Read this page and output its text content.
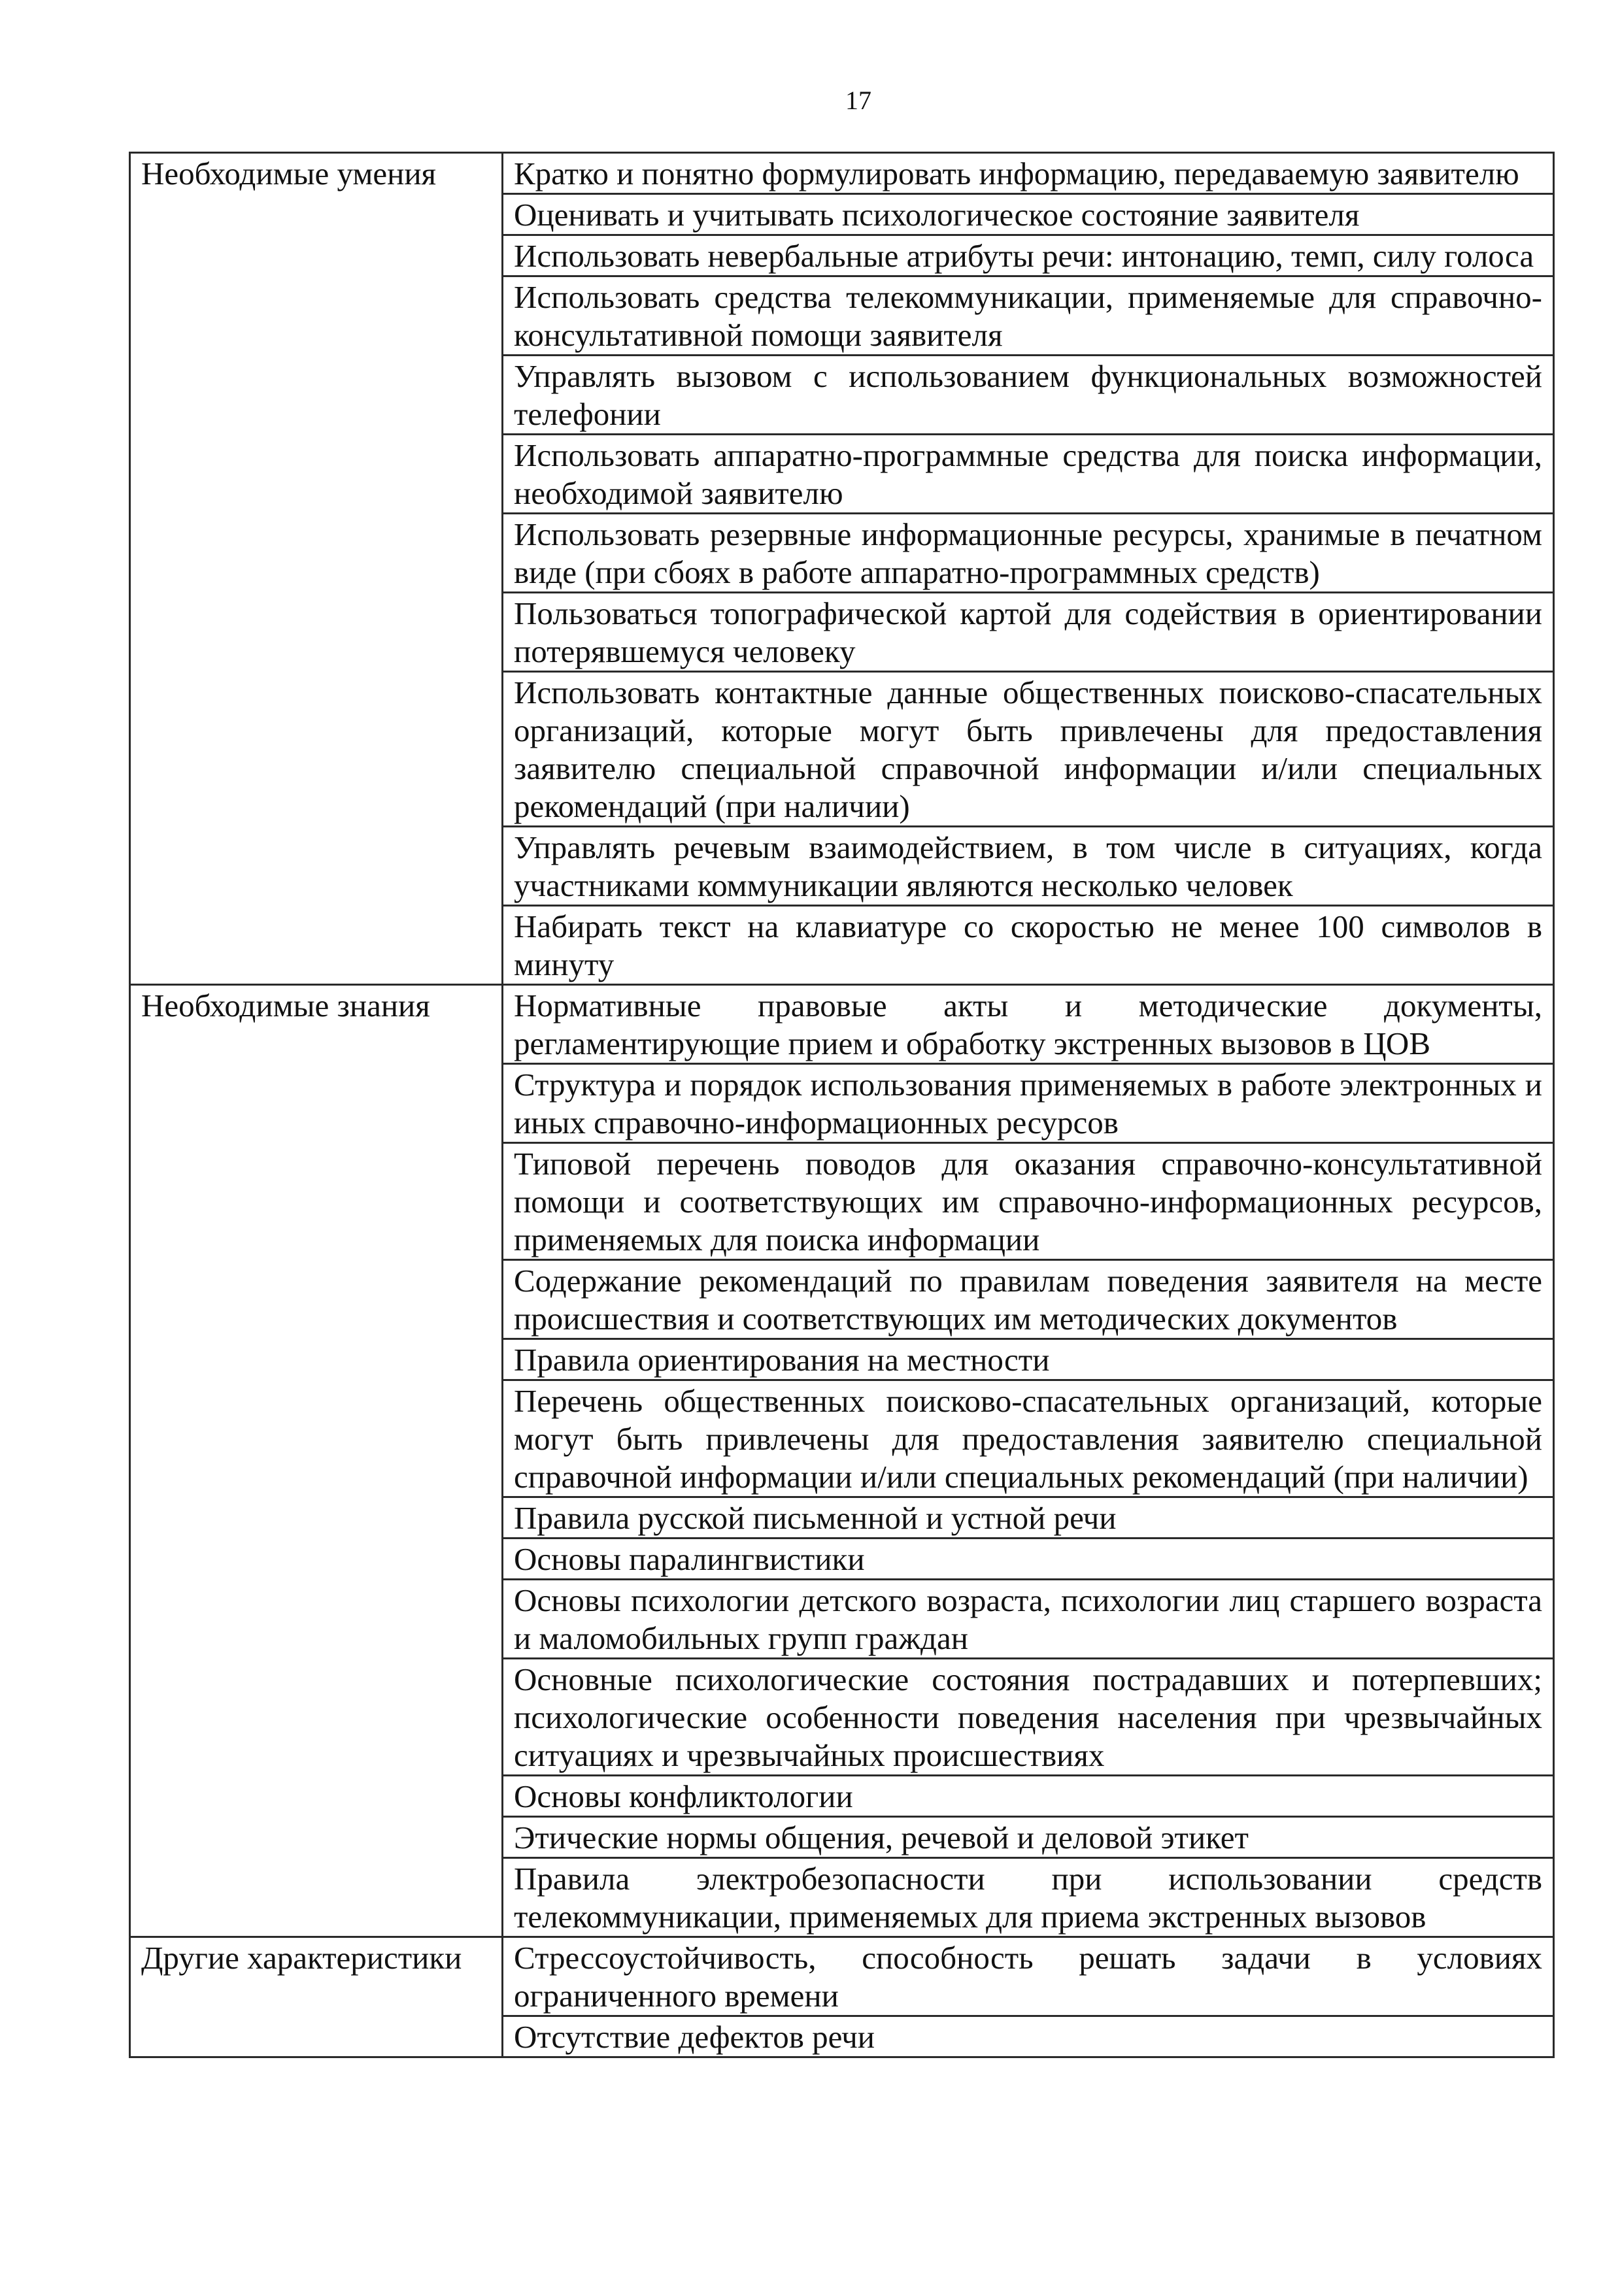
17
Необходимые умения	Кратко и понятно формулировать информацию, передаваемую заявителю
	Оценивать и учитывать психологическое состояние заявителя
	Использовать невербальные атрибуты речи: интонацию, темп, силу голоса
	Использовать средства телекоммуникации, применяемые для справочно-консультативной помощи заявителя
	Управлять вызовом с использованием функциональных возможностей телефонии
	Использовать аппаратно-программные средства для поиска информации, необходимой заявителю
	Использовать резервные информационные ресурсы, хранимые в печатном виде (при сбоях в работе аппаратно-программных средств)
	Пользоваться топографической картой для содействия в ориентировании потерявшемуся человеку
	Использовать контактные данные общественных поисково-спасательных организаций, которые могут быть привлечены для предоставления заявителю специальной справочной информации и/или специальных рекомендаций (при наличии)
	Управлять речевым взаимодействием, в том числе в ситуациях, когда участниками коммуникации являются несколько человек
	Набирать текст на клавиатуре со скоростью не менее 100 символов в минуту
Необходимые знания	Нормативные правовые акты и методические документы, регламентирующие прием и обработку экстренных вызовов в ЦОВ
	Структура и порядок использования применяемых в работе электронных и иных справочно-информационных ресурсов
	Типовой перечень поводов для оказания справочно-консультативной помощи и соответствующих им справочно-информационных ресурсов, применяемых для поиска информации
	Содержание рекомендаций по правилам поведения заявителя на месте происшествия и соответствующих им методических документов
	Правила ориентирования на местности
	Перечень общественных поисково-спасательных организаций, которые могут быть привлечены для предоставления заявителю специальной справочной информации и/или специальных рекомендаций (при наличии)
	Правила русской письменной и устной речи
	Основы паралингвистики
	Основы психологии детского возраста, психологии лиц старшего возраста и маломобильных групп граждан
	Основные психологические состояния пострадавших и потерпевших; психологические особенности поведения населения при чрезвычайных ситуациях и чрезвычайных происшествиях
	Основы конфликтологии
	Этические нормы общения, речевой и деловой этикет
	Правила электробезопасности при использовании средств телекоммуникации, применяемых для приема экстренных вызовов
Другие характеристики	Стрессоустойчивость, способность решать задачи в условиях ограниченного времени
	Отсутствие дефектов речи
